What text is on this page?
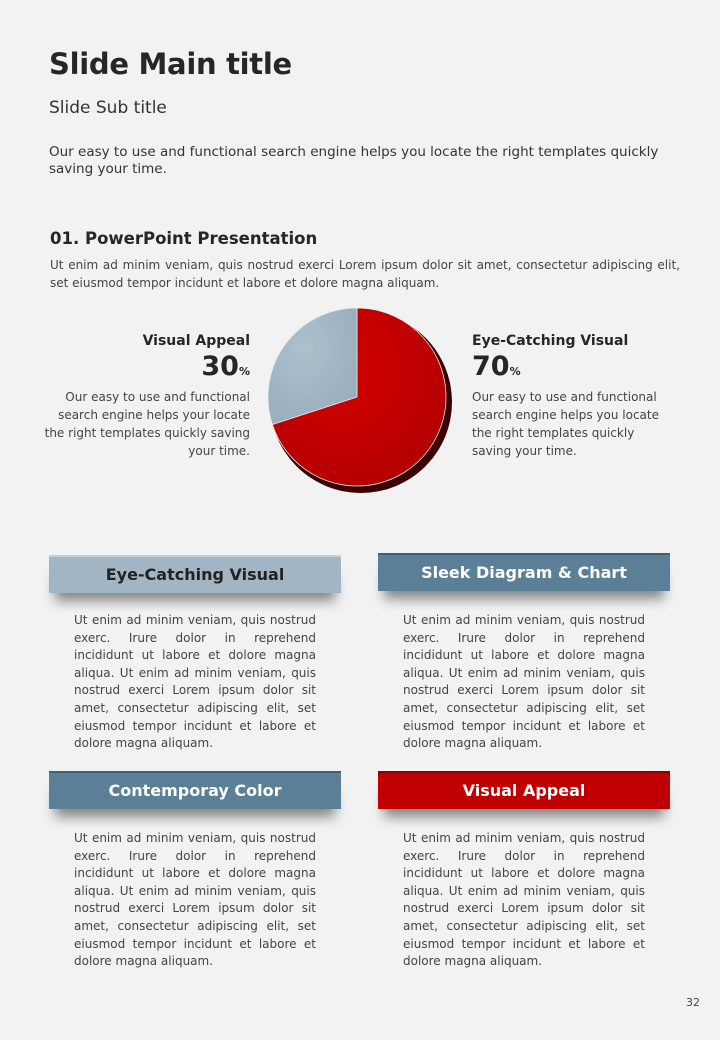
Slide Main title
Slide Sub title
Our easy to use and functional search engine helps you locate the right templates quickly saving your time.
01. PowerPoint Presentation
Ut enim ad minim veniam, quis nostrud exerci Lorem ipsum dolor sit amet, consectetur adipiscing elit, set eiusmod tempor incidunt et labore et dolore magna aliquam.
Visual Appeal
30%
Our easy to use and functional search engine helps your locate the right templates quickly saving your time.
Eye-Catching Visual
70%
Our easy to use and functional search engine helps you locate the right templates quickly saving your time.
Eye-Catching Visual
Ut enim ad minim veniam, quis nostrud exerc. Irure dolor in reprehend incididunt ut labore et dolore magna aliqua. Ut enim ad minim veniam, quis nostrud exerci Lorem ipsum dolor sit amet, consectetur adipiscing elit, set eiusmod tempor incidunt et labore et dolore magna aliquam.
Sleek Diagram & Chart
Ut enim ad minim veniam, quis nostrud exerc. Irure dolor in reprehend incididunt ut labore et dolore magna aliqua. Ut enim ad minim veniam, quis nostrud exerci Lorem ipsum dolor sit amet, consectetur adipiscing elit, set eiusmod tempor incidunt et labore et dolore magna aliquam.
Contemporay Color
Ut enim ad minim veniam, quis nostrud exerc. Irure dolor in reprehend incididunt ut labore et dolore magna aliqua. Ut enim ad minim veniam, quis nostrud exerci Lorem ipsum dolor sit amet, consectetur adipiscing elit, set eiusmod tempor incidunt et labore et dolore magna aliquam.
Visual Appeal
Ut enim ad minim veniam, quis nostrud exerc. Irure dolor in reprehend incididunt ut labore et dolore magna aliqua. Ut enim ad minim veniam, quis nostrud exerci Lorem ipsum dolor sit amet, consectetur adipiscing elit, set eiusmod tempor incidunt et labore et dolore magna aliquam.
32
